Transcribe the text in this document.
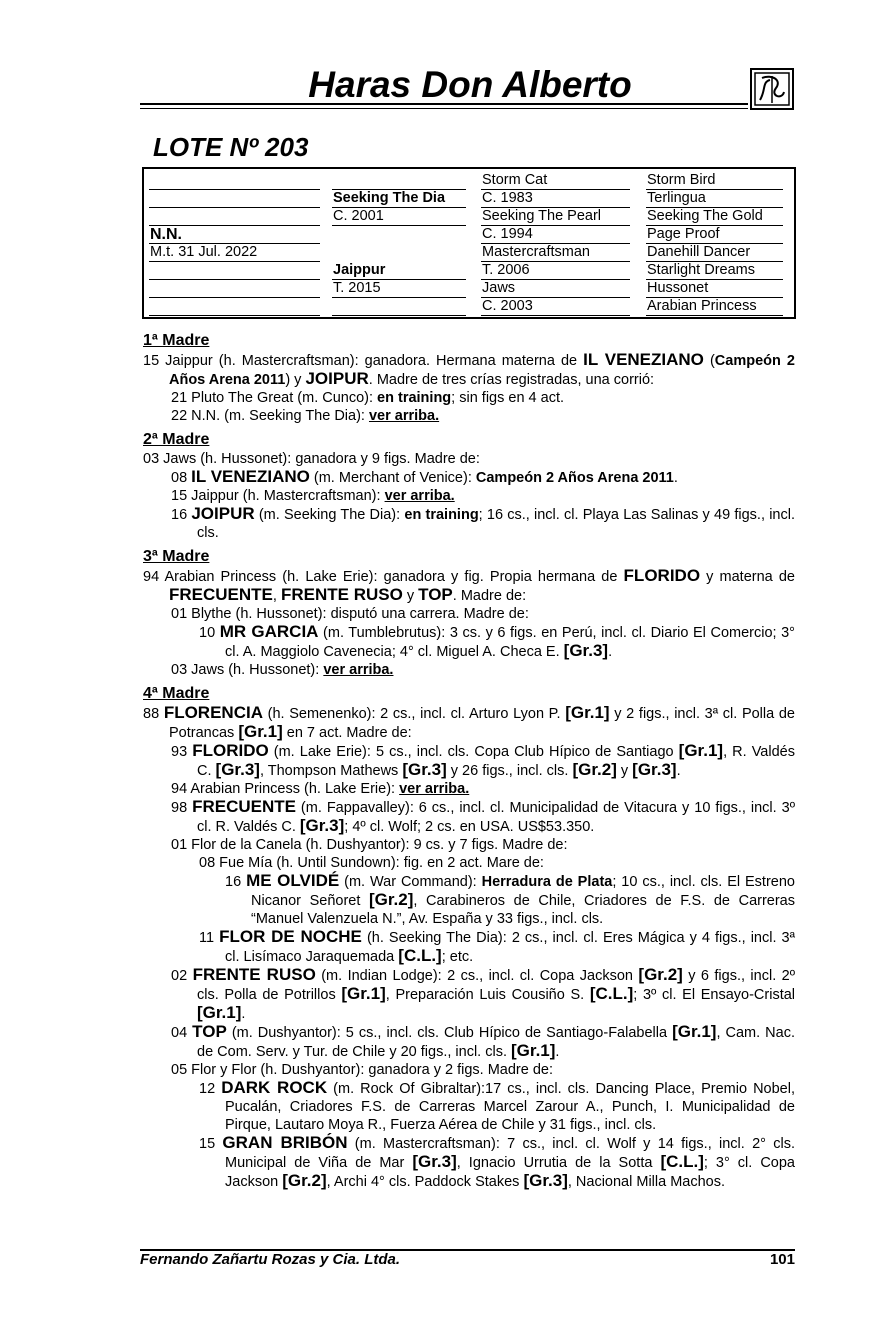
Haras Don Alberto
LOTE Nº 203
Storm Bird
Terlingua
Seeking The Gold
Page Proof
Danehill Dancer
Starlight Dreams
Hussonet
Arabian Princess
Storm Cat
C. 1983
Seeking The Pearl
C. 1994
Mastercraftsman
T. 2006
Jaws
C. 2003
Seeking The Dia
C. 2001
Jaippur
T. 2015
N.N.
M.t. 31 Jul. 2022
1ª Madre

15 Jaippur (h. Mastercraftsman): ganadora. Hermana materna de IL VENEZIANO (Campeón 2 Años Arena 2011) y JOIPUR. Madre de tres crías registradas, una corrió:

21 Pluto The Great (m. Cunco): en training; sin figs en 4 act.

22 N.N. (m. Seeking The Dia): ver arriba.

2ª Madre

03 Jaws (h. Hussonet): ganadora y 9 figs. Madre de:

08 IL VENEZIANO (m. Merchant of Venice): Campeón 2 Años Arena 2011.

15 Jaippur (h. Mastercraftsman): ver arriba.

16 JOIPUR (m. Seeking The Dia): en training; 16 cs., incl. cl. Playa Las Salinas y 49 figs., incl. cls.

3ª Madre

94 Arabian Princess (h. Lake Erie): ganadora y fig. Propia hermana de FLORIDO y materna de FRECUENTE, FRENTE RUSO y TOP. Madre de:

01 Blythe (h. Hussonet): disputó una carrera. Madre de:

10 MR GARCIA (m. Tumblebrutus): 3 cs. y 6 figs. en Perú, incl. cl. Diario El Comercio; 3° cl. A. Maggiolo Cavenecia; 4° cl. Miguel A. Checa E. [Gr.3].

03 Jaws (h. Hussonet): ver arriba.

4ª Madre

88 FLORENCIA (h. Semenenko): 2 cs., incl. cl. Arturo Lyon P. [Gr.1] y 2 figs., incl. 3ª cl. Polla de Potrancas [Gr.1] en 7 act. Madre de:

93 FLORIDO (m. Lake Erie): 5 cs., incl. cls. Copa Club Hípico de Santiago [Gr.1], R. Valdés C. [Gr.3], Thompson Mathews [Gr.3] y 26 figs., incl. cls. [Gr.2] y [Gr.3].

94 Arabian Princess (h. Lake Erie): ver arriba.

98 FRECUENTE (m. Fappavalley): 6 cs., incl. cl. Municipalidad de Vitacura y 10 figs., incl. 3º cl. R. Valdés C. [Gr.3]; 4º cl. Wolf; 2 cs. en USA. US$53.350.

01 Flor de la Canela (h. Dushyantor): 9 cs. y 7 figs. Madre de:

08 Fue Mía (h. Until Sundown): fig. en 2 act. Mare de:

16 ME OLVIDÉ (m. War Command): Herradura de Plata; 10 cs., incl. cls. El Estreno Nicanor Señoret [Gr.2], Carabineros de Chile, Criadores de F.S. de Carreras “Manuel Valenzuela N.”, Av. España y 33 figs., incl. cls.

11 FLOR DE NOCHE (h. Seeking The Dia): 2 cs., incl. cl. Eres Mágica y 4 figs., incl. 3ª cl. Lisímaco Jaraquemada [C.L.]; etc.

02 FRENTE RUSO (m. Indian Lodge): 2 cs., incl. cl. Copa Jackson [Gr.2] y 6 figs., incl. 2º cls. Polla de Potrillos [Gr.1], Preparación Luis Cousiño S. [C.L.]; 3º cl. El Ensayo-Cristal [Gr.1].

04 TOP (m. Dushyantor): 5 cs., incl. cls. Club Hípico de Santiago-Falabella [Gr.1], Cam. Nac. de Com. Serv. y Tur. de Chile y 20 figs., incl. cls. [Gr.1].

05 Flor y Flor (h. Dushyantor): ganadora y 2 figs. Madre de:

12 DARK ROCK (m. Rock Of Gibraltar):17 cs., incl. cls. Dancing Place, Premio Nobel, Pucalán, Criadores F.S. de Carreras Marcel Zarour A., Punch, I. Municipalidad de Pirque, Lautaro Moya R., Fuerza Aérea de Chile y 31 figs., incl. cls.

15 GRAN BRIBÓN (m. Mastercraftsman): 7 cs., incl. cl. Wolf y 14 figs., incl. 2° cls. Municipal de Viña de Mar [Gr.3], Ignacio Urrutia de la Sotta [C.L.]; 3° cl. Copa Jackson [Gr.2], Archi 4° cls. Paddock Stakes [Gr.3], Nacional Milla Machos.

Fernando Zañartu Rozas y Cia. Ltda.	101
